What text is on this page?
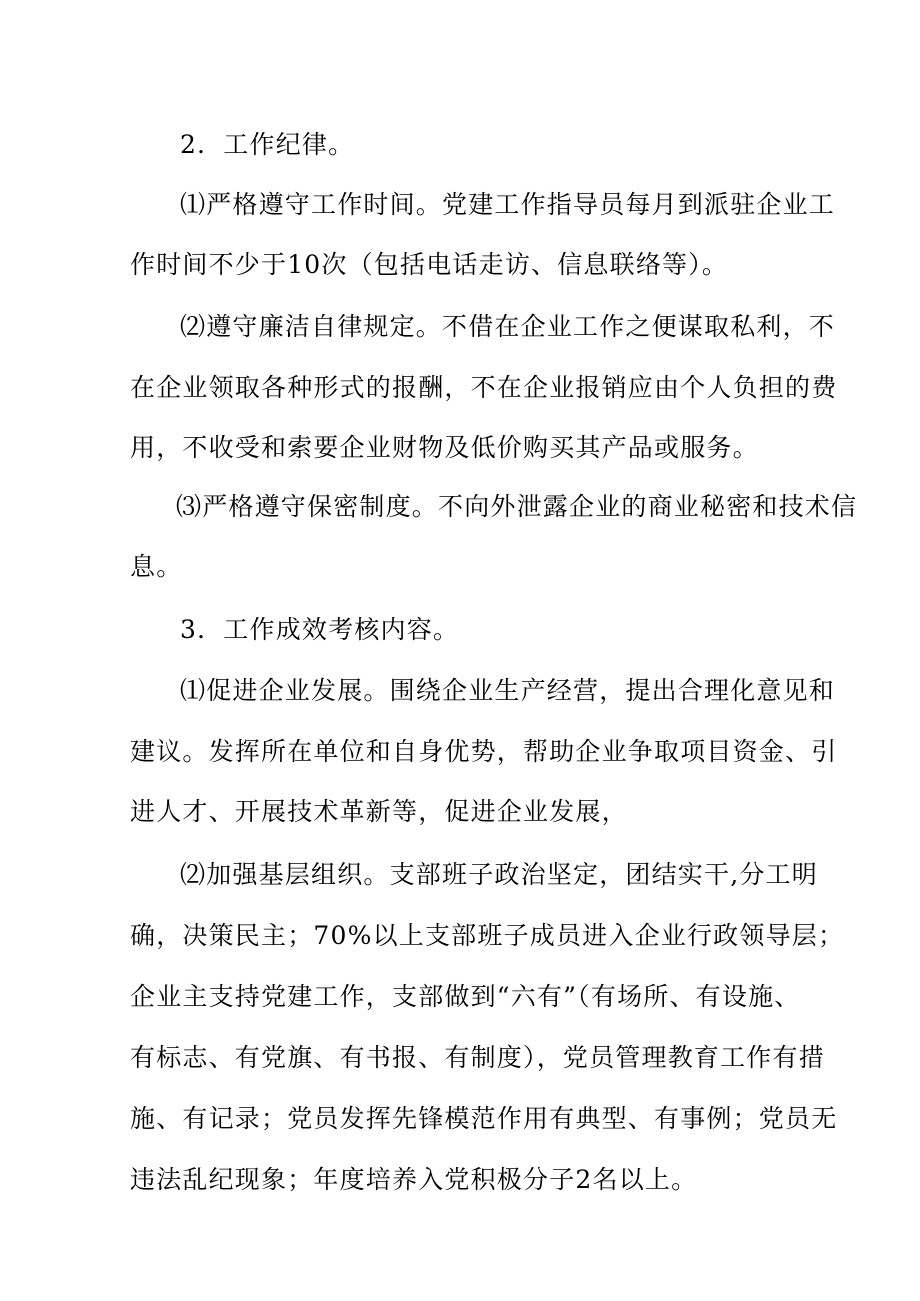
2．工作纪律。
⑴严格遵守工作时间。党建工作指导员每月到派驻企业工
作时间不少于10次（包括电话走访、信息联络等）。
⑵遵守廉洁自律规定。不借在企业工作之便谋取私利，不
在企业领取各种形式的报酬，不在企业报销应由个人负担的费
用，不收受和索要企业财物及低价购买其产品或服务。
⑶严格遵守保密制度。不向外泄露企业的商业秘密和技术信
息。
3．工作成效考核内容。
⑴促进企业发展。围绕企业生产经营，提出合理化意见和
建议。发挥所在单位和自身优势，帮助企业争取项目资金、引
进人才、开展技术革新等，促进企业发展，
⑵加强基层组织。支部班子政治坚定，团结实干,分工明
确，决策民主；70%以上支部班子成员进入企业行政领导层；
企业主支持党建工作，支部做到“六有”（有场所、有设施、
有标志、有党旗、有书报、有制度），党员管理教育工作有措
施、有记录；党员发挥先锋模范作用有典型、有事例；党员无
违法乱纪现象；年度培养入党积极分子2名以上。
